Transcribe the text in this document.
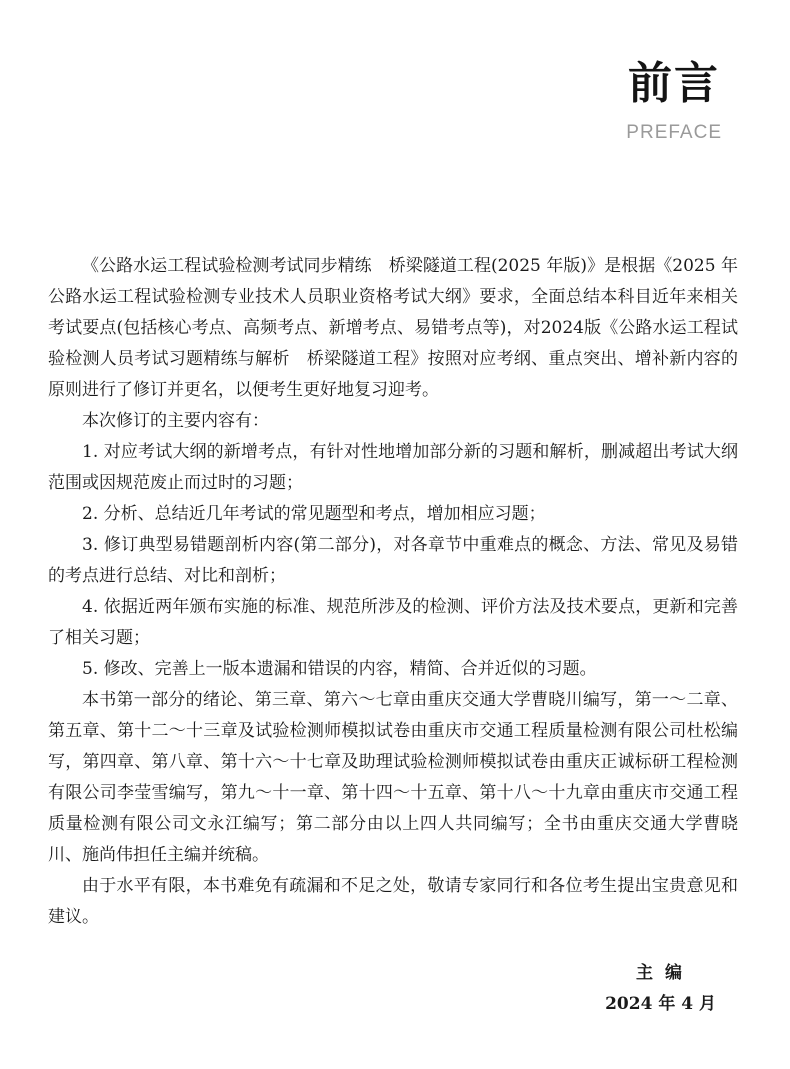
前言
PREFACE

《公路水运工程试验检测考试同步精练　桥梁隧道工程(2025 年版)》是根据《2025 年公路水运工程试验检测专业技术人员职业资格考试大纲》要求，全面总结本科目近年来相关考试要点(包括核心考点、高频考点、新增考点、易错考点等)，对2024版《公路水运工程试验检测人员考试习题精练与解析　桥梁隧道工程》按照对应考纲、重点突出、增补新内容的原则进行了修订并更名，以便考生更好地复习迎考。

本次修订的主要内容有：

1. 对应考试大纲的新增考点，有针对性地增加部分新的习题和解析，删减超出考试大纲范围或因规范废止而过时的习题；

2. 分析、总结近几年考试的常见题型和考点，增加相应习题；

3. 修订典型易错题剖析内容(第二部分)，对各章节中重难点的概念、方法、常见及易错的考点进行总结、对比和剖析；

4. 依据近两年颁布实施的标准、规范所涉及的检测、评价方法及技术要点，更新和完善了相关习题；

5. 修改、完善上一版本遗漏和错误的内容，精简、合并近似的习题。

本书第一部分的绪论、第三章、第六～七章由重庆交通大学曹晓川编写，第一～二章、第五章、第十二～十三章及试验检测师模拟试卷由重庆市交通工程质量检测有限公司杜松编写，第四章、第八章、第十六～十七章及助理试验检测师模拟试卷由重庆正诚标研工程检测有限公司李莹雪编写，第九～十一章、第十四～十五章、第十八～十九章由重庆市交通工程质量检测有限公司文永江编写；第二部分由以上四人共同编写；全书由重庆交通大学曹晓川、施尚伟担任主编并统稿。

由于水平有限，本书难免有疏漏和不足之处，敬请专家同行和各位考生提出宝贵意见和建议。

主编
2024 年 4 月
